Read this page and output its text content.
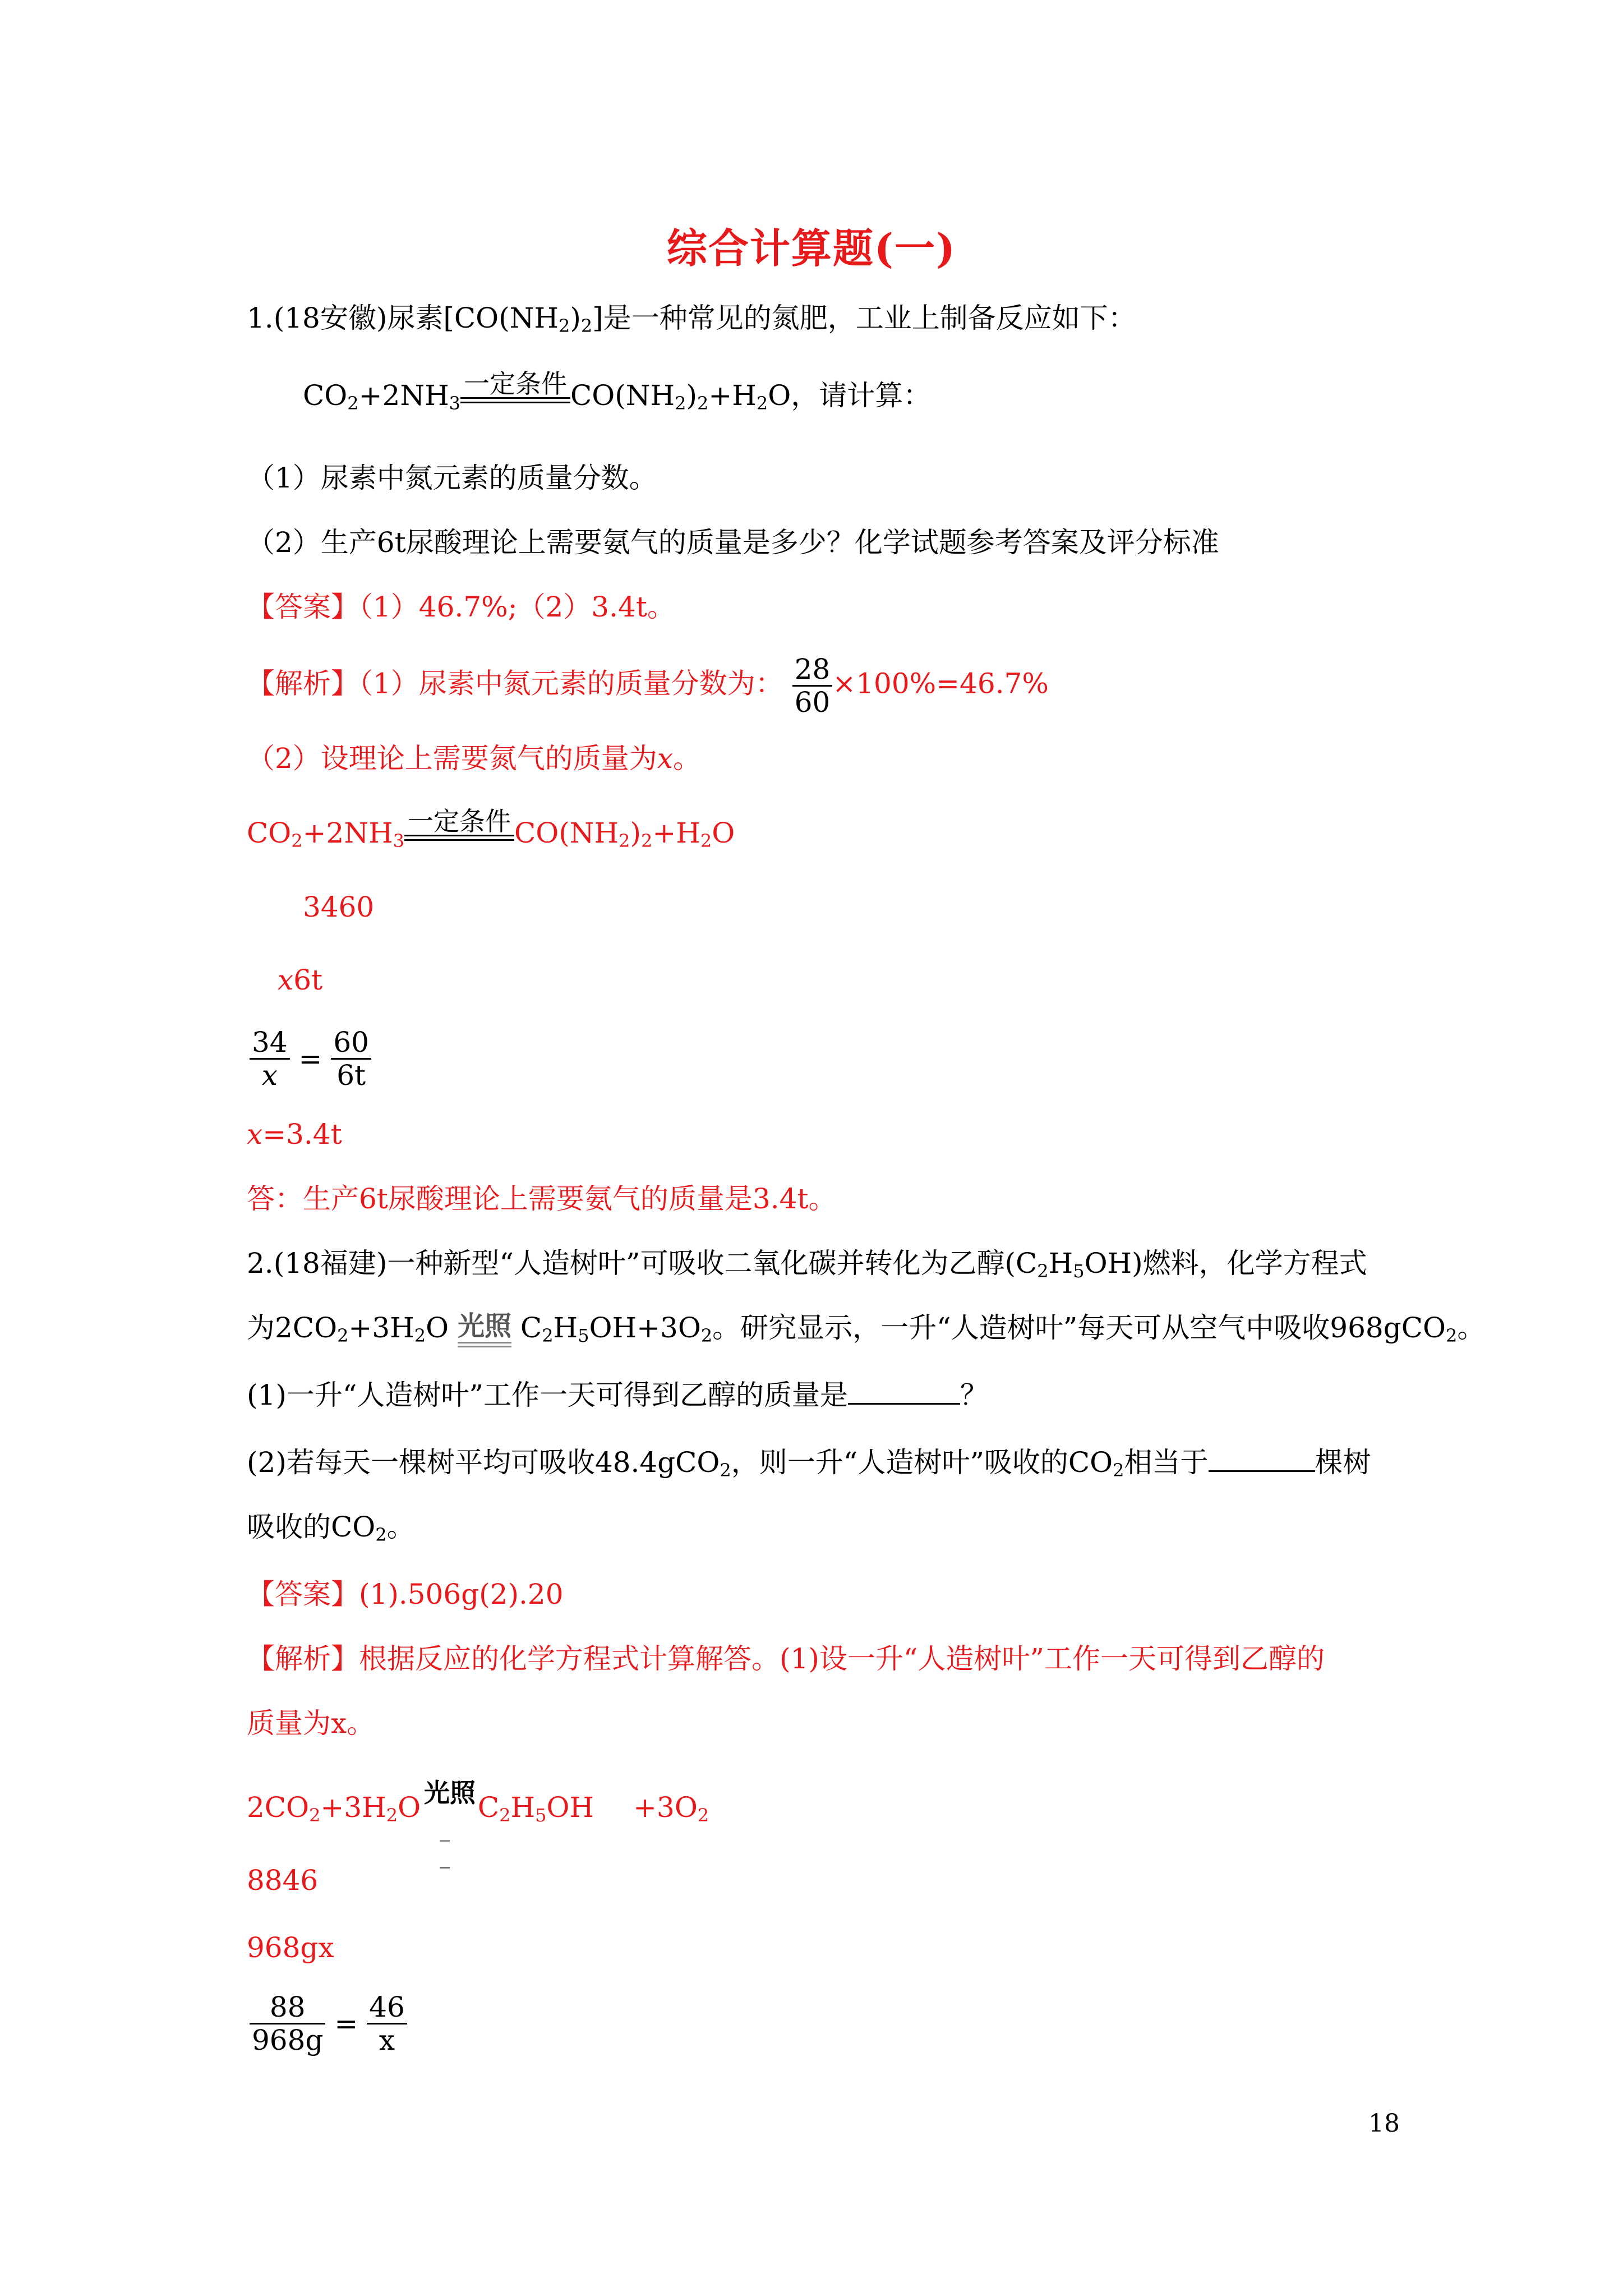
综合计算题(一)
1.(18安徽)尿素$[CO(NH_2)_2]$是一种常见的氮肥，工业上制备反应如下：
$CO_2+2NH_3$
一定条件 $CO(NH_2)_2+H_2O$，请计算：
（1）尿素中氮元素的质量分数。
（2）生产6t尿酸理论上需要氨气的质量是多少？化学试题参考答案及评分标准
【答案】（1）46.7%;（2）3.4t。
【解析】（1）尿素中氮元素的质量分数为： $\frac{28}{60} \times 100\%=46.7\%$
（2）设理论上需要氮气的质量为x。
$CO_2+2NH_3$
一定条件 $CO(NH_2)_2+H_2O$
3460
x6t
$\frac{34}{x} = \frac{60}{6t}$
x=3.4t
答：生产6t尿酸理论上需要氨气的质量是3.4t。
2.(18福建)一种新型“人造树叶”可吸收二氧化碳并转化为乙醇$(C_2H_5OH)$燃料，化学方程式
为$2CO_2+3H_2O$ 光照 $C_2H_5OH+3O_2$。研究显示，一升“人造树叶”每天可从空气中吸收968gCO$_2$。
(1)一升“人造树叶”工作一天可得到乙醇的质量是	？
(2)若每天一棵树平均可吸收48.4gCO$_2$，则一升“人造树叶”吸收的$CO_2$相当于	棵树
吸收的$CO_2$。
【答案】(1).506g(2).20
【解析】根据反应的化学方程式计算解答。(1)设一升“人造树叶”工作一天可得到乙醇的
质量为x。
$2CO_2+3H_2O$ 光照
_
_
$C_2H_5OH +3O_2$
8846
968gx
$\frac{88}{968g} = \frac{46}{x}$
18
